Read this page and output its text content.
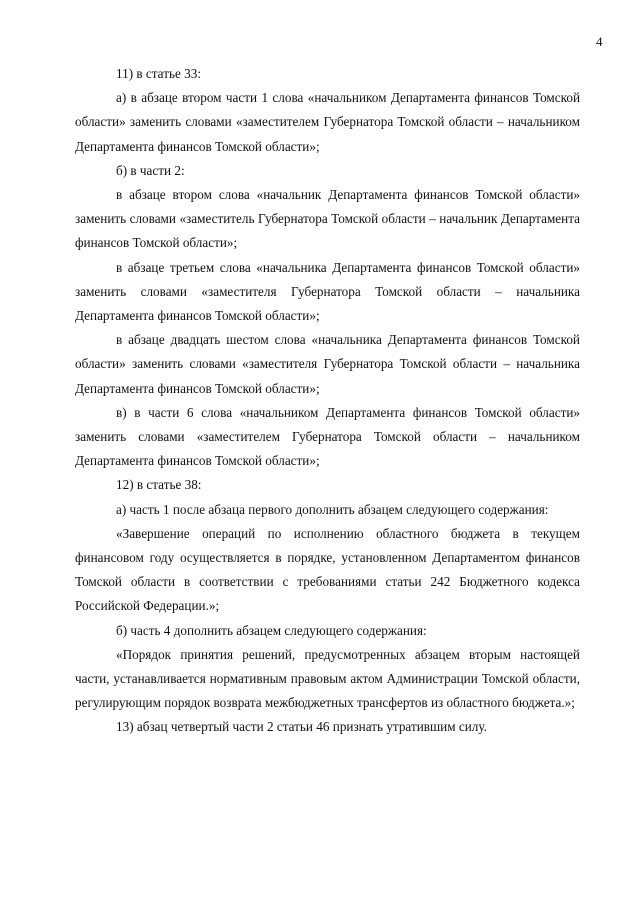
4

11) в статье 33:

а) в абзаце втором части 1 слова «начальником Департамента финансов Томской области» заменить словами «заместителем Губернатора Томской области – начальником Департамента финансов Томской области»;

б) в части 2:

в абзаце втором слова «начальник Департамента финансов Томской области» заменить словами «заместитель Губернатора Томской области – начальник Департамента финансов Томской области»;

в абзаце третьем слова «начальника Департамента финансов Томской области» заменить словами «заместителя Губернатора Томской области – начальника Департамента финансов Томской области»;

в абзаце двадцать шестом слова «начальника Департамента финансов Томской области» заменить словами «заместителя Губернатора Томской области – начальника Департамента финансов Томской области»;

в) в части 6 слова «начальником Департамента финансов Томской области» заменить словами «заместителем Губернатора Томской области – начальником Департамента финансов Томской области»;

12) в статье 38:

а) часть 1 после абзаца первого дополнить абзацем следующего содержания:

«Завершение операций по исполнению областного бюджета в текущем финансовом году осуществляется в порядке, установленном Департаментом финансов Томской области в соответствии с требованиями статьи 242 Бюджетного кодекса Российской Федерации.»;

б) часть 4 дополнить абзацем следующего содержания:

«Порядок принятия решений, предусмотренных абзацем вторым настоящей части, устанавливается нормативным правовым актом Администрации Томской области, регулирующим порядок возврата межбюджетных трансфертов из областного бюджета.»;

13) абзац четвертый части 2 статьи 46 признать утратившим силу.
